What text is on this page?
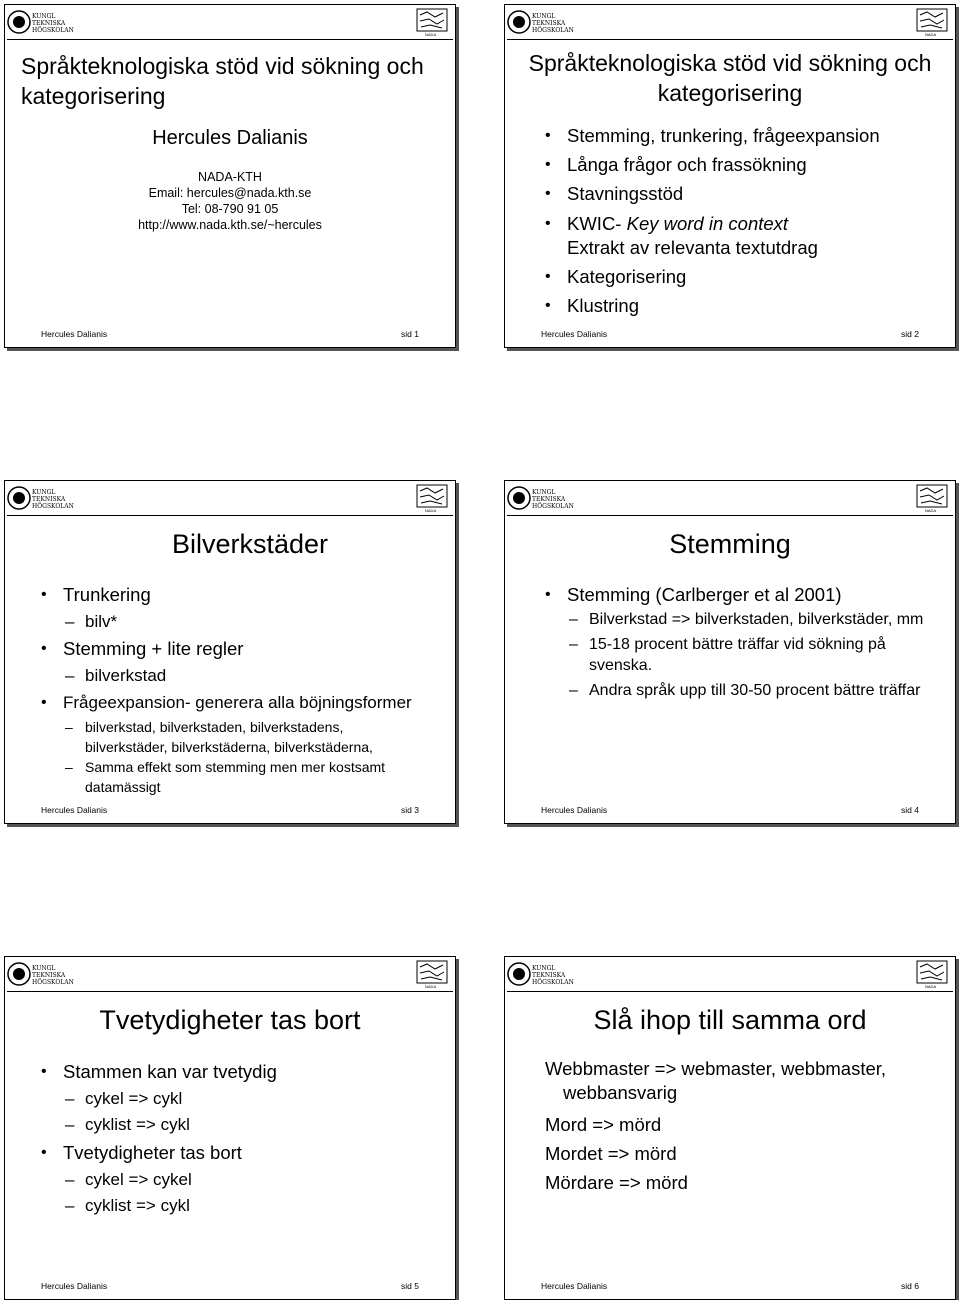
KUNGL
TEKNISKA
HÖGSKOLAN
NADA
Språkteknologiska stöd vid sökning och kategorisering
Hercules Dalianis
NADA-KTH
Email: hercules@nada.kth.se
Tel: 08-790 91 05
http://www.nada.kth.se/~hercules
Hercules Dalianis	sid 1
KUNGL
TEKNISKA
HÖGSKOLAN
NADA
Språkteknologiska stöd vid sökning och kategorisering
• Stemming, trunkering, frågeexpansion
• Långa frågor och frassökning
• Stavningsstöd
• KWIC- Key word in context
Extrakt av relevanta textutdrag
• Kategorisering
• Klustring
Hercules Dalianis	sid 2
KUNGL
TEKNISKA
HÖGSKOLAN
NADA
Bilverkstäder
• Trunkering
– bilv*
• Stemming + lite regler
– bilverkstad
• Frågeexpansion- generera alla böjningsformer
– bilverkstad, bilverkstaden, bilverkstadens, bilverkstäder, bilverkstäderna, bilverkstäderna,
– Samma effekt som stemming men mer kostsamt datamässigt
Hercules Dalianis	sid 3
KUNGL
TEKNISKA
HÖGSKOLAN
NADA
Stemming
• Stemming (Carlberger et al 2001)
– Bilverkstad => bilverkstaden, bilverkstäder, mm
– 15-18 procent bättre träffar vid sökning på svenska.
– Andra språk upp till 30-50 procent bättre träffar
Hercules Dalianis	sid 4
KUNGL
TEKNISKA
HÖGSKOLAN
NADA
Tvetydigheter tas bort
• Stammen kan var tvetydig
– cykel => cykl
– cyklist => cykl
• Tvetydigheter tas bort
– cykel => cykel
– cyklist => cykl
Hercules Dalianis	sid 5
KUNGL
TEKNISKA
HÖGSKOLAN
NADA
Slå ihop till samma ord
Webbmaster => webmaster, webbmaster, webbansvarig
Mord => mörd
Mordet => mörd
Mördare => mörd
Hercules Dalianis	sid 6
